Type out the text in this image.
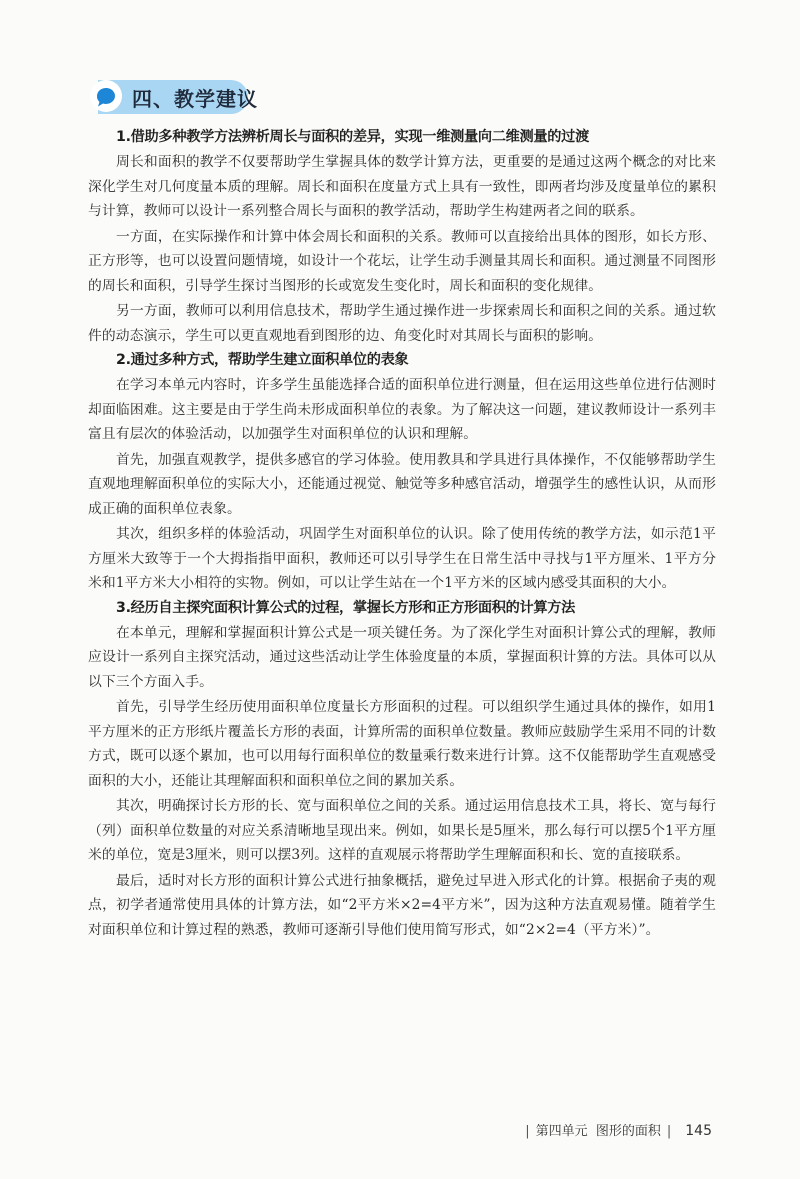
四、教学建议
1.借助多种教学方法辨析周长与面积的差异，实现一维测量向二维测量的过渡

周长和面积的教学不仅要帮助学生掌握具体的数学计算方法，更重要的是通过这两个概念的对比来深化学生对几何度量本质的理解。周长和面积在度量方式上具有一致性，即两者均涉及度量单位的累积与计算，教师可以设计一系列整合周长与面积的教学活动，帮助学生构建两者之间的联系。

一方面，在实际操作和计算中体会周长和面积的关系。教师可以直接给出具体的图形，如长方形、正方形等，也可以设置问题情境，如设计一个花坛，让学生动手测量其周长和面积。通过测量不同图形的周长和面积，引导学生探讨当图形的长或宽发生变化时，周长和面积的变化规律。

另一方面，教师可以利用信息技术，帮助学生通过操作进一步探索周长和面积之间的关系。通过软件的动态演示，学生可以更直观地看到图形的边、角变化时对其周长与面积的影响。

2.通过多种方式，帮助学生建立面积单位的表象

在学习本单元内容时，许多学生虽能选择合适的面积单位进行测量，但在运用这些单位进行估测时却面临困难。这主要是由于学生尚未形成面积单位的表象。为了解决这一问题，建议教师设计一系列丰富且有层次的体验活动，以加强学生对面积单位的认识和理解。

首先，加强直观教学，提供多感官的学习体验。使用教具和学具进行具体操作，不仅能够帮助学生直观地理解面积单位的实际大小，还能通过视觉、触觉等多种感官活动，增强学生的感性认识，从而形成正确的面积单位表象。

其次，组织多样的体验活动，巩固学生对面积单位的认识。除了使用传统的教学方法，如示范1平方厘米大致等于一个大拇指指甲面积，教师还可以引导学生在日常生活中寻找与1平方厘米、1平方分米和1平方米大小相符的实物。例如，可以让学生站在一个1平方米的区域内感受其面积的大小。

3.经历自主探究面积计算公式的过程，掌握长方形和正方形面积的计算方法

在本单元，理解和掌握面积计算公式是一项关键任务。为了深化学生对面积计算公式的理解，教师应设计一系列自主探究活动，通过这些活动让学生体验度量的本质，掌握面积计算的方法。具体可以从以下三个方面入手。

首先，引导学生经历使用面积单位度量长方形面积的过程。可以组织学生通过具体的操作，如用1平方厘米的正方形纸片覆盖长方形的表面，计算所需的面积单位数量。教师应鼓励学生采用不同的计数方式，既可以逐个累加，也可以用每行面积单位的数量乘行数来进行计算。这不仅能帮助学生直观感受面积的大小，还能让其理解面积和面积单位之间的累加关系。

其次，明确探讨长方形的长、宽与面积单位之间的关系。通过运用信息技术工具，将长、宽与每行（列）面积单位数量的对应关系清晰地呈现出来。例如，如果长是5厘米，那么每行可以摆5个1平方厘米的单位，宽是3厘米，则可以摆3列。这样的直观展示将帮助学生理解面积和长、宽的直接联系。

最后，适时对长方形的面积计算公式进行抽象概括，避免过早进入形式化的计算。根据俞子夷的观点，初学者通常使用具体的计算方法，如“2平方米×2=4平方米”，因为这种方法直观易懂。随着学生对面积单位和计算过程的熟悉，教师可逐渐引导他们使用简写形式，如“2×2=4（平方米）”。

| 第四单元 图形的面积 | 145
